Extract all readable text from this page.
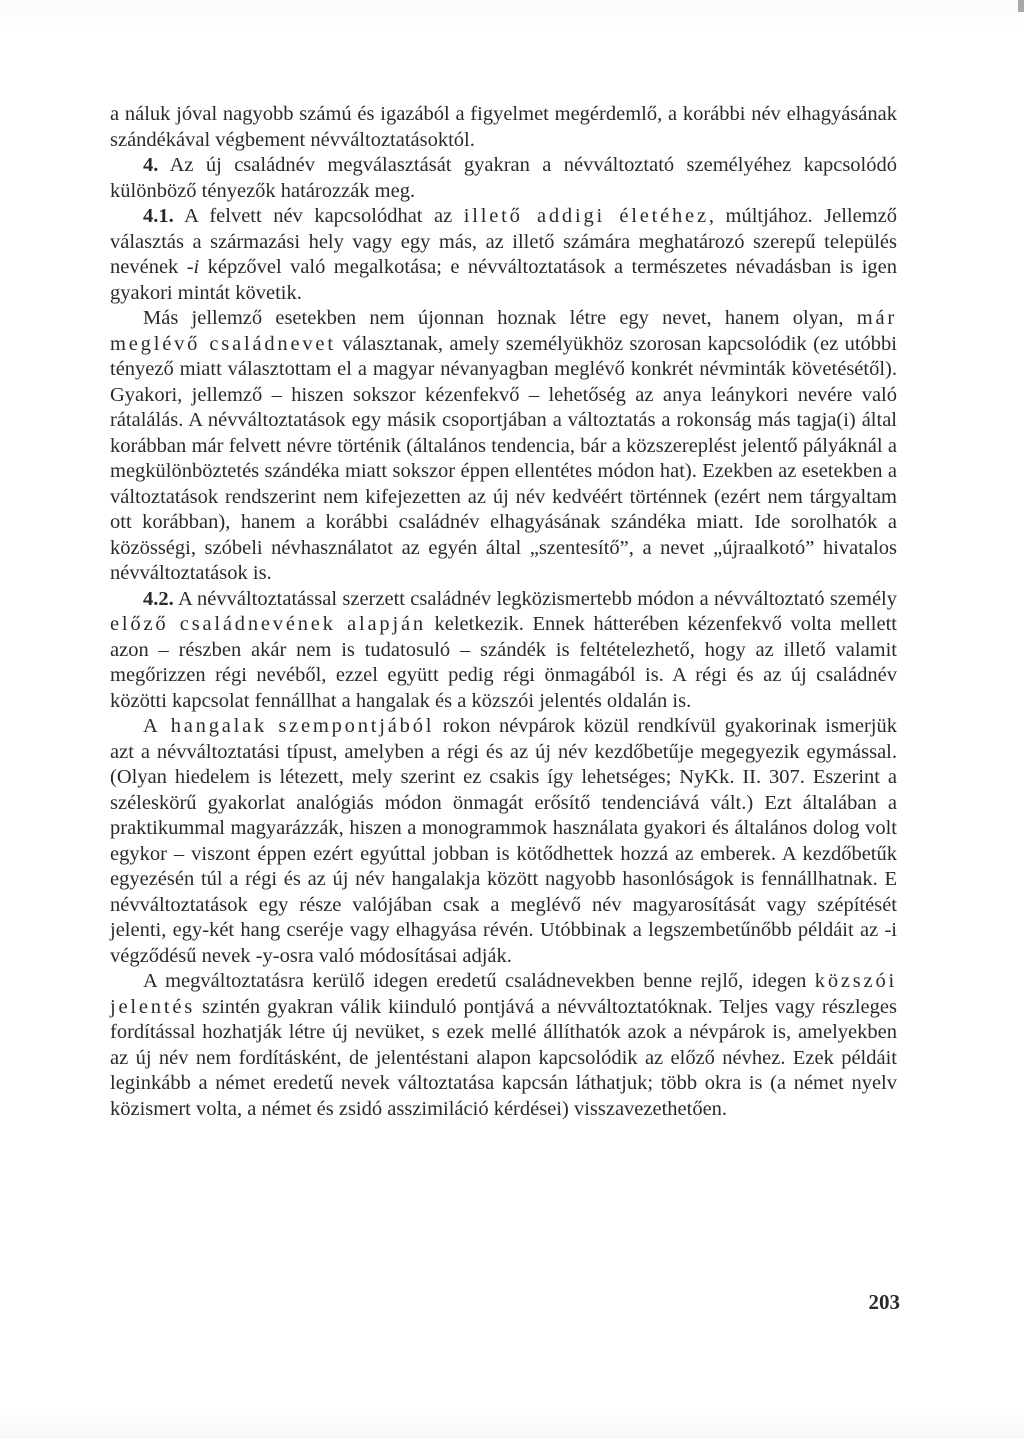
a náluk jóval nagyobb számú és igazából a figyelmet megérdemlő, a korábbi név elhagyásának szándékával végbement névváltoztatásoktól.

4. Az új családnév megválasztását gyakran a névváltoztató személyéhez kapcsolódó különböző tényezők határozzák meg.

4.1. A felvett név kapcsolódhat az illető addigi életéhez, múltjához. Jellemző választás a származási hely vagy egy más, az illető számára meghatározó szerepű település nevének -i képzővel való megalkotása; e névváltoztatások a természetes névadásban is igen gyakori mintát követik.

Más jellemző esetekben nem újonnan hoznak létre egy nevet, hanem olyan, már meglévő családnevet választanak, amely személyükhöz szorosan kapcsolódik (ez utóbbi tényező miatt választottam el a magyar névanyagban meglévő konkrét névminták követésétől). Gyakori, jellemző – hiszen sokszor kézenfekvő – lehetőség az anya leánykori nevére való rátalálás. A névváltoztatások egy másik csoportjában a változtatás a rokonság más tagja(i) által korábban már felvett névre történik (általános tendencia, bár a közszereplést jelentő pályáknál a megkülönböztetés szándéka miatt sokszor éppen ellentétes módon hat). Ezekben az esetekben a változtatások rendszerint nem kifejezetten az új név kedvéért történnek (ezért nem tárgyaltam ott korábban), hanem a korábbi családnév elhagyásának szándéka miatt. Ide sorolhatók a közösségi, szóbeli névhasználatot az egyén által „szentesítő”, a nevet „újraalkotó” hivatalos névváltoztatások is.

4.2. A névváltoztatással szerzett családnév legközismertebb módon a névváltoztató személy előző családnevének alapján keletkezik. Ennek hátterében kézenfekvő volta mellett azon – részben akár nem is tudatosuló – szándék is feltételezhető, hogy az illető valamit megőrizzen régi nevéből, ezzel együtt pedig régi önmagából is. A régi és az új családnév közötti kapcsolat fennállhat a hangalak és a közszói jelentés oldalán is.

A hangalak szempontjából rokon névpárok közül rendkívül gyakorinak ismerjük azt a névváltoztatási típust, amelyben a régi és az új név kezdőbetűje megegyezik egymással. (Olyan hiedelem is létezett, mely szerint ez csakis így lehetséges; NyKk. II. 307. Eszerint a széleskörű gyakorlat analógiás módon önmagát erősítő tendenciává vált.) Ezt általában a praktikummal magyarázzák, hiszen a monogrammok használata gyakori és általános dolog volt egykor – viszont éppen ezért egyúttal jobban is kötődhettek hozzá az emberek. A kezdőbetűk egyezésén túl a régi és az új név hangalakja között nagyobb hasonlóságok is fennállhatnak. E névváltoztatások egy része valójában csak a meglévő név magyarosítását vagy szépítését jelenti, egy-két hang cseréje vagy elhagyása révén. Utóbbinak a legszembetűnőbb példáit az -i végződésű nevek -y-osra való módosításai adják.

A megváltoztatásra kerülő idegen eredetű családnevekben benne rejlő, idegen közszói jelentés szintén gyakran válik kiinduló pontjává a névváltoztatóknak. Teljes vagy részleges fordítással hozhatják létre új nevüket, s ezek mellé állíthatók azok a névpárok is, amelyekben az új név nem fordításként, de jelentéstani alapon kapcsolódik az előző névhez. Ezek példáit leginkább a német eredetű nevek változtatása kapcsán láthatjuk; több okra is (a német nyelv közismert volta, a német és zsidó asszimiláció kérdései) visszavezethetően.

203
